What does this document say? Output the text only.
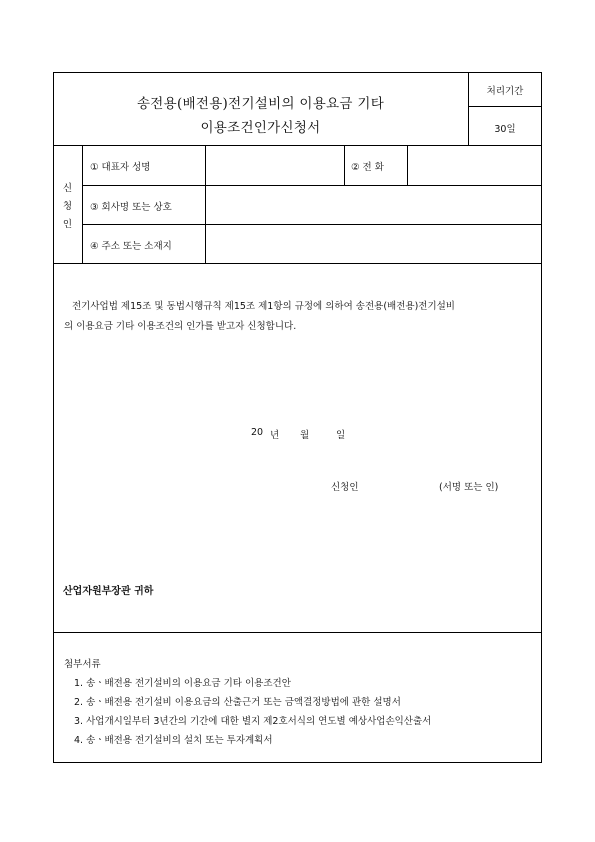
송전용(배전용)전기설비의 이용요금 기타
이용조건인가신청서
처리기간
30일
신
청
인
① 대표자 성명	② 전 화
③ 회사명 또는 상호
④ 주소 또는 소재지
전기사업법 제15조 및 동법시행규칙 제15조 제1항의 규정에 의하여 송전용(배전용)전기설비
의 이용요금 기타 이용조건의 인가를 받고자 신청합니다.
20 년 월	일
신청인	(서명 또는 인)
산업자원부장관 귀하
첨부서류
1. 송ㆍ배전용 전기설비의 이용요금 기타 이용조건안
2. 송ㆍ배전용 전기설비 이용요금의 산출근거 또는 금액결정방법에 관한 설명서
3. 사업개시일부터 3년간의 기간에 대한 별지 제2호서식의 연도별 예상사업손익산출서
4. 송ㆍ배전용 전기설비의 설치 또는 투자계획서
